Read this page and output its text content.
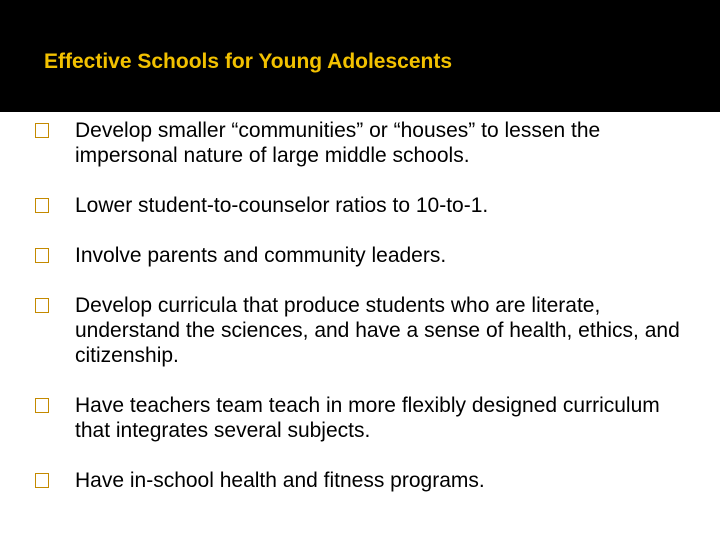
Effective Schools for Young Adolescents
Develop smaller “communities” or “houses” to lessen the impersonal nature of large middle schools.
Lower student-to-counselor ratios to 10-to-1.
Involve parents and community leaders.
Develop curricula that produce students who are literate, understand the sciences, and have a sense of health, ethics, and citizenship.
Have teachers team teach in more flexibly designed curriculum that integrates several subjects.
Have in-school health and fitness programs.
